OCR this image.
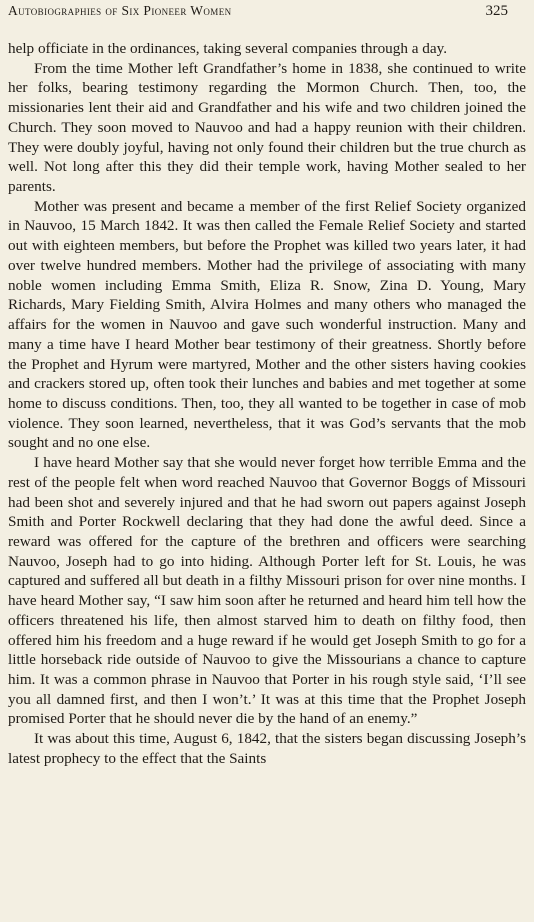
Autobiographies of Six Pioneer Women	325

help officiate in the ordinances, taking several companies through a day.

From the time Mother left Grandfather’s home in 1838, she continued to write her folks, bearing testimony regarding the Mormon Church. Then, too, the missionaries lent their aid and Grandfather and his wife and two children joined the Church. They soon moved to Nauvoo and had a happy reunion with their children. They were doubly joyful, having not only found their children but the true church as well. Not long after this they did their temple work, having Mother sealed to her parents.

Mother was present and became a member of the first Relief Society organized in Nauvoo, 15 March 1842. It was then called the Female Relief Society and started out with eighteen members, but before the Prophet was killed two years later, it had over twelve hundred members. Mother had the privilege of associating with many noble women including Emma Smith, Eliza R. Snow, Zina D. Young, Mary Richards, Mary Fielding Smith, Alvira Holmes and many others who managed the affairs for the women in Nauvoo and gave such wonderful instruction. Many and many a time have I heard Mother bear testimony of their greatness. Shortly before the Prophet and Hyrum were martyred, Mother and the other sisters having cookies and crackers stored up, often took their lunches and babies and met together at some home to discuss conditions. Then, too, they all wanted to be together in case of mob violence. They soon learned, nevertheless, that it was God’s servants that the mob sought and no one else.

I have heard Mother say that she would never forget how terrible Emma and the rest of the people felt when word reached Nauvoo that Governor Boggs of Missouri had been shot and severely injured and that he had sworn out papers against Joseph Smith and Porter Rockwell declaring that they had done the awful deed. Since a reward was offered for the capture of the brethren and officers were searching Nauvoo, Joseph had to go into hiding. Although Porter left for St. Louis, he was captured and suffered all but death in a filthy Missouri prison for over nine months. I have heard Mother say, “I saw him soon after he returned and heard him tell how the officers threatened his life, then almost starved him to death on filthy food, then offered him his freedom and a huge reward if he would get Joseph Smith to go for a little horseback ride outside of Nauvoo to give the Missourians a chance to capture him. It was a common phrase in Nauvoo that Porter in his rough style said, ‘I’ll see you all damned first, and then I won’t.’ It was at this time that the Prophet Joseph promised Porter that he should never die by the hand of an enemy.”

It was about this time, August 6, 1842, that the sisters began discussing Joseph’s latest prophecy to the effect that the Saints
